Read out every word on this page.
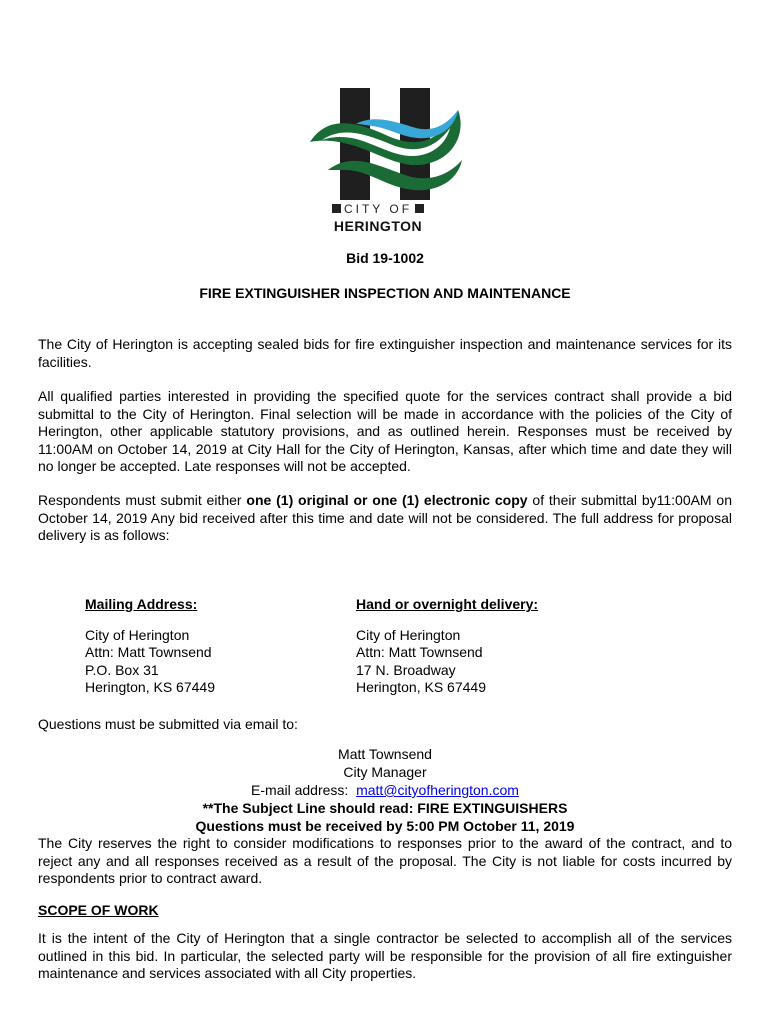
CITY OF
HERINGTON
Bid 19-1002
FIRE EXTINGUISHER INSPECTION AND MAINTENANCE

The City of Herington is accepting sealed bids for fire extinguisher inspection and maintenance services for its facilities.

All qualified parties interested in providing the specified quote for the services contract shall provide a bid submittal to the City of Herington. Final selection will be made in accordance with the policies of the City of Herington, other applicable statutory provisions, and as outlined herein. Responses must be received by 11:00AM on October 14, 2019 at City Hall for the City of Herington, Kansas, after which time and date they will no longer be accepted. Late responses will not be accepted.

Respondents must submit either one (1) original or one (1) electronic copy of their submittal by11:00AM on October 14, 2019 Any bid received after this time and date will not be considered. The full address for proposal delivery is as follows:

Mailing Address:
City of Herington
Attn: Matt Townsend
P.O. Box 31
Herington, KS 67449
Hand or overnight delivery:
City of Herington
Attn: Matt Townsend
17 N. Broadway
Herington, KS 67449
Questions must be submitted via email to:
Matt Townsend
City Manager
E-mail address:  matt@cityofherington.com
**The Subject Line should read: FIRE EXTINGUISHERS
Questions must be received by 5:00 PM October 11, 2019

The City reserves the right to consider modifications to responses prior to the award of the contract, and to reject any and all responses received as a result of the proposal. The City is not liable for costs incurred by respondents prior to contract award.

SCOPE OF WORK

It is the intent of the City of Herington that a single contractor be selected to accomplish all of the services outlined in this bid. In particular, the selected party will be responsible for the provision of all fire extinguisher maintenance and services associated with all City properties.
